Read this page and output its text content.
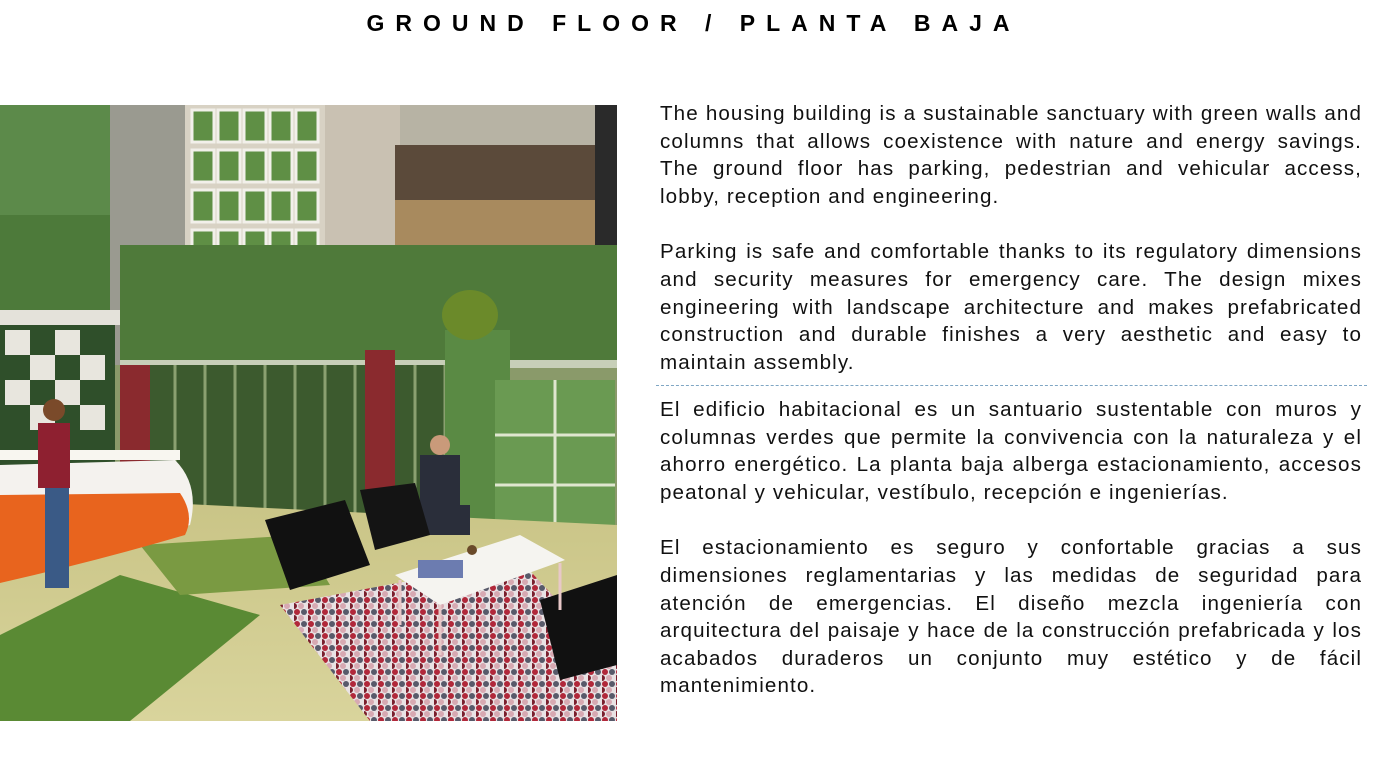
GROUND FLOOR / PLANTA BAJA

The housing building is a sustainable sanctuary with green walls and columns that allows coexistence with nature and energy savings. The ground floor has parking, pedestrian and vehicular access, lobby, reception and engineering.

Parking is safe and comfortable thanks to its regulatory dimensions and security measures for emergency care. The design mixes engineering with landscape architecture and makes prefabricated construction and durable finishes a very aesthetic and easy to maintain assembly.

El edificio habitacional es un santuario sustentable con muros y columnas verdes que permite la convivencia con la naturaleza y el ahorro energético. La planta baja alberga estacionamiento, accesos peatonal y vehicular, vestíbulo, recepción e ingenierías.

El estacionamiento es seguro y confortable gracias a sus dimensiones reglamentarias y las medidas de seguridad para atención de emergencias. El diseño mezcla ingeniería con arquitectura del paisaje y hace de la construcción prefabricada y los acabados duraderos un conjunto muy estético y de fácil mantenimiento.
